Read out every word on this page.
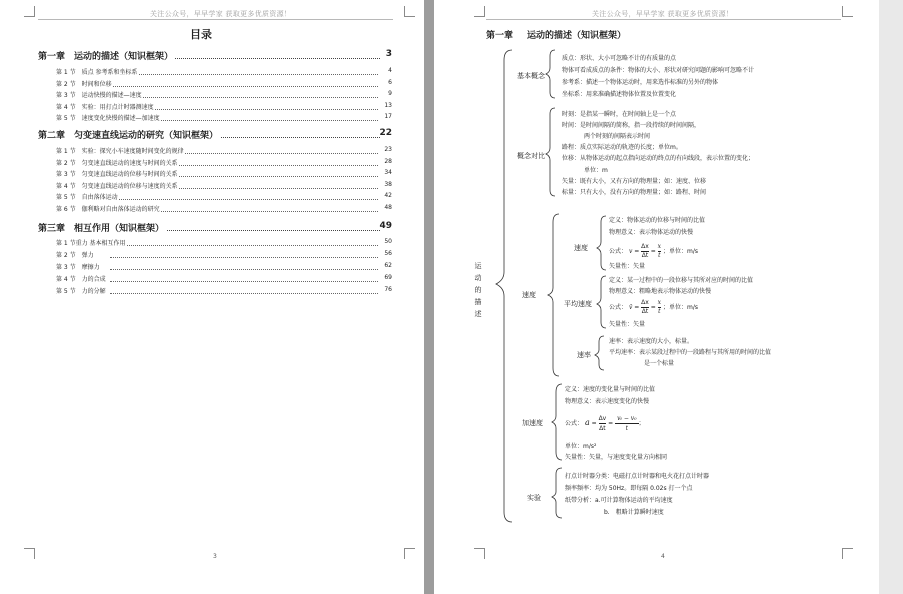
关注公众号，早早学家 获取更多优质资源！
目录
第一章　运动的描述（知识框架）	3
第 1 节　质点 参考系和坐标系	4
第 2 节　时间和位移	6
第 3 节　运动快慢的描述—速度	9
第 4 节　实验：用打点计时器测速度	13
第 5 节　速度变化快慢的描述—加速度	17
第二章　匀变速直线运动的研究（知识框架）	22
第 1 节　实验：探究小车速度随时间变化的规律	23
第 2 节　匀变速直线运动的速度与时间的关系	28
第 3 节　匀变速直线运动的位移与时间的关系	34
第 4 节　匀变速直线运动的位移与速度的关系	38
第 5 节　自由落体运动	42
第 6 节　伽利略对自由落体运动的研究	48
第三章　相互作用（知识框架）	49
第 1 节重力 基本相互作用	50
第 2 节　弹力	56
第 3 节　摩擦力	62
第 4 节　力的合成	69
第 5 节　力的分解	76
3
关注公众号，早早学家 获取更多优质资源！
第一章 运动的描述（知识框架）
运动的描述
基本概念
质点：形状、大小可忽略不计的有质量的点
物体可看成质点的条件：物体的大小、形状对研究问题的影响可忽略不计
参考系：描述一个物体运动时，用来选作标准的另外的物体
坐标系：用来准确描述物体位置及位置变化
概念对比
时刻：是指某一瞬时，在时间轴上是一个点
时间：是时间间隔的简称，指一段持续的时间间隔，
两个时刻的间隔表示时间
路程：质点实际运动的轨迹的长度；单位m。
位移：从物体运动的起点指向运动的终点的有向线段，表示位置的变化；
单位：m
矢量：既有大小，又有方向的物理量；如：速度、位移
标量：只有大小，没有方向的物理量；如：路程、时间
速度
速度
定义：物体运动的位移与时间的比值
物理意义：表示物体运动的快慢
公式： $v = \frac{\Delta x}{\Delta t} = \frac{x}{t}$ ；单位：m/s
矢量性：矢量
平均速度
定义：某一过程中的一段位移与其所对应的时间的比值
物理意义：粗略地表示物体运动的快慢
公式： v̄ = $\frac{\Delta x}{\Delta t} = \frac{x}{t}$ ；单位：m/s
矢量性：矢量
速率
速率：表示速度的大小，标量。
平均速率：表示某段过程中的一段路程与其所用的时间的比值
是一个标量
加速度
定义：速度的变化量与时间的比值
物理意义：表示速度变化的快慢
公式： $a = \frac{\Delta v}{\Delta t} = \frac{\text{vₜ − v₀}}{t}$ ；
单位：m/s²
矢量性：矢量，与速度变化量方向相同
实验
打点计时器分类：电磁打点计时器和电火花打点计时器
频率频率：均为 50Hz。即每隔 0.02s 打一个点
纸带分析：a.可计算物体运动的平均速度
b.　粗略计算瞬时速度
4
